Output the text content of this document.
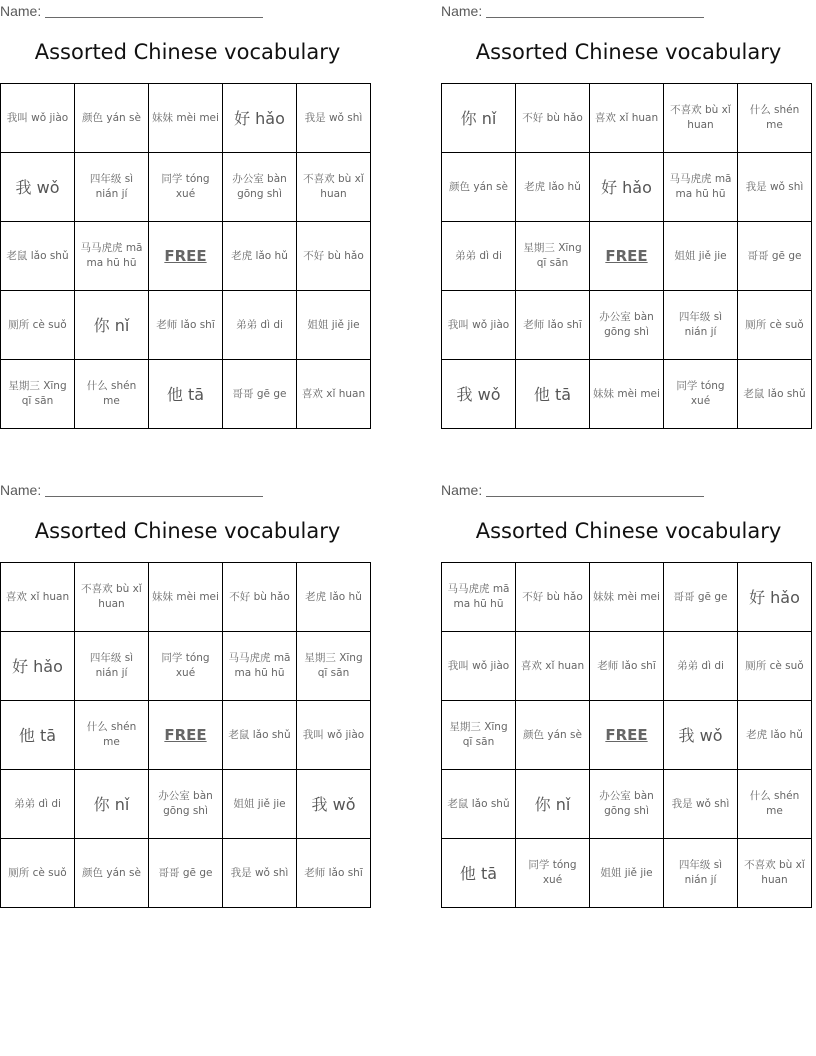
Name:
Assorted Chinese vocabulary
我叫 wǒ jiào	颜色 yán sè	妹妹 mèi mei	好 hǎo	我是 wǒ shì
我 wǒ	四年级 sì nián jí	同学 tóng xué	办公室 bàn gōng shì	不喜欢 bù xǐ huan
老鼠 lǎo shǔ	马马虎虎 mā ma hū hū	FREE	老虎 lǎo hǔ	不好 bù hǎo
厕所 cè suǒ	你 nǐ	老师 lǎo shī	弟弟 dì di	姐姐 jiě jie
星期三 Xīng qī sān	什么 shén me	他 tā	哥哥 gē ge	喜欢 xǐ huan
Name:
Assorted Chinese vocabulary
你 nǐ	不好 bù hǎo	喜欢 xǐ huan	不喜欢 bù xǐ huan	什么 shén me
颜色 yán sè	老虎 lǎo hǔ	好 hǎo	马马虎虎 mā ma hū hū	我是 wǒ shì
弟弟 dì di	星期三 Xīng qī sān	FREE	姐姐 jiě jie	哥哥 gē ge
我叫 wǒ jiào	老师 lǎo shī	办公室 bàn gōng shì	四年级 sì nián jí	厕所 cè suǒ
我 wǒ	他 tā	妹妹 mèi mei	同学 tóng xué	老鼠 lǎo shǔ
Name:
Assorted Chinese vocabulary
喜欢 xǐ huan	不喜欢 bù xǐ huan	妹妹 mèi mei	不好 bù hǎo	老虎 lǎo hǔ
好 hǎo	四年级 sì nián jí	同学 tóng xué	马马虎虎 mā ma hū hū	星期三 Xīng qī sān
他 tā	什么 shén me	FREE	老鼠 lǎo shǔ	我叫 wǒ jiào
弟弟 dì di	你 nǐ	办公室 bàn gōng shì	姐姐 jiě jie	我 wǒ
厕所 cè suǒ	颜色 yán sè	哥哥 gē ge	我是 wǒ shì	老师 lǎo shī
Name:
Assorted Chinese vocabulary
马马虎虎 mā ma hū hū	不好 bù hǎo	妹妹 mèi mei	哥哥 gē ge	好 hǎo
我叫 wǒ jiào	喜欢 xǐ huan	老师 lǎo shī	弟弟 dì di	厕所 cè suǒ
星期三 Xīng qī sān	颜色 yán sè	FREE	我 wǒ	老虎 lǎo hǔ
老鼠 lǎo shǔ	你 nǐ	办公室 bàn gōng shì	我是 wǒ shì	什么 shén me
他 tā	同学 tóng xué	姐姐 jiě jie	四年级 sì nián jí	不喜欢 bù xǐ huan
